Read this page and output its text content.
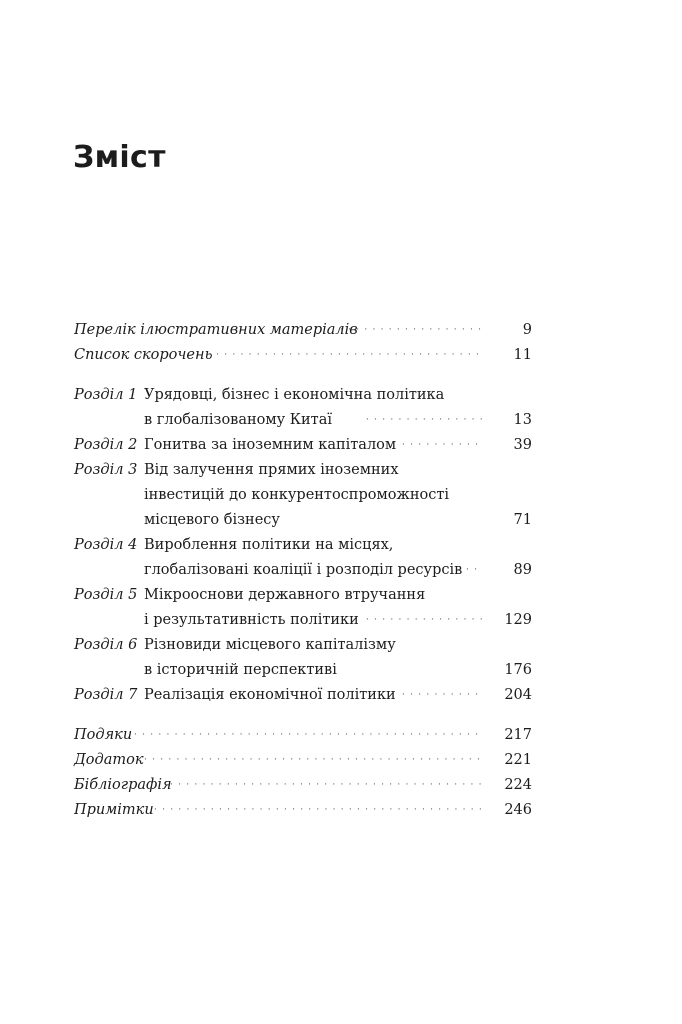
Зміст
Перелік ілюстративних матеріалів · · ·	9
Список скорочень · · ·	11
Розділ 1 Урядовці, бізнес і економічна політика
в глобалізованому Китаї · · ·	13
Розділ 2 Гонитва за іноземним капіталом · · ·	39
Розділ 3 Від залучення прямих іноземних
інвестицій до конкурентоспроможності
місцевого бізнесу	71
Розділ 4 Вироблення політики на місцях,
глобалізовані коаліції і розподіл ресурсів · · ·	89
Розділ 5 Мікрооснови державного втручання
і результативність політики · · ·	129
Розділ 6 Різновиди місцевого капіталізму
в історичній перспективі	176
Розділ 7 Реалізація економічної політики · · ·	204
Подяки · · ·	217
Додаток · · ·	221
Бібліографія · · ·	224
Примітки · · ·	246
